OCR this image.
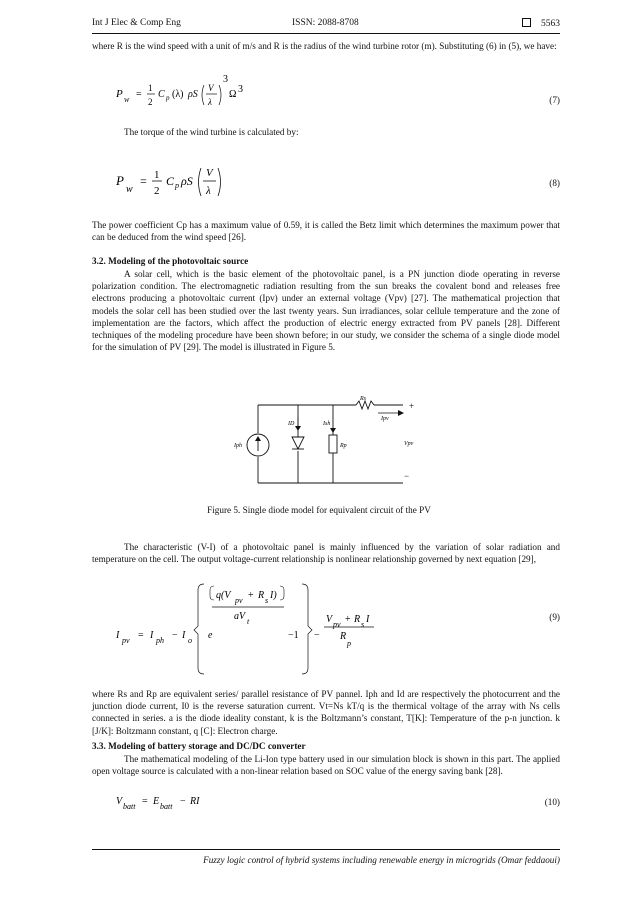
Int J Elec & Comp Eng	ISSN: 2088-8708	5563
where R is the wind speed with a unit of m/s and R is the radius of the wind turbine rotor (m). Substituting (6) in (5), we have:
P w =
1
2
C p (λ) ρS
V
λ
3
Ω 3
(7)
The torque of the wind turbine is calculated by:
P
w
= 1
2
C p ρS
V
λ
(8)
The power coefficient Cp has a maximum value of 0.59, it is called the Betz limit which determines the maximum power that can be deduced from the wind speed [26].
3.2. Modeling of the photovoltaic source
A solar cell, which is the basic element of the photovoltaic panel, is a PN junction diode operating in reverse polarization condition. The electromagnetic radiation resulting from the sun breaks the covalent bond and releases free electrons producing a photovoltaic current (Ipv) under an external voltage (Vpv) [27]. The mathematical projection that models the solar cell has been studied over the last twenty years. Sun irradiances, solar cellule temperature and the zone of implementation are the factors, which affect the production of electric energy extracted from PV panels [28]. Different techniques of the modeling procedure have been shown before; in our study, we consider the schema of a single diode model for the simulation of PV [29]. The model is illustrated in Figure 5.
Iph
ID	Ish
Rs
Ipv
Rp	Vpv
+
−
Figure 5. Single diode model for equivalent circuit of the PV
The characteristic (V-I) of a photovoltaic panel is mainly influenced by the variation of solar radiation and temperature on the cell. The output voltage-current relationship is nonlinear relationship governed by next equation [29],
I pv = I ph − I o e
q(V pv + R s I)
aV t
−1 −
V pv + R s I
R
p
(9)
where Rs and Rp are equivalent series/ parallel resistance of PV pannel. Iph and Id are respectively the photocurrent and the junction diode current, I0 is the reverse saturation current. Vt=Ns kT/q is the thermical voltage of the array with Ns cells connected in series. a is the diode ideality constant, k is the Boltzmann’s constant, T[K]: Temperature of the p-n junction. k [J/K]: Boltzmann constant, q [C]: Electron charge.
3.3. Modeling of battery storage and DC/DC converter
The mathematical modeling of the Li-Ion type battery used in our simulation block is shown in this part. The applied open voltage source is calculated with a non-linear relation based on SOC value of the energy saving bank [28].
V batt = E batt − RI	(10)
Fuzzy logic control of hybrid systems including renewable energy in microgrids (Omar feddaoui)
